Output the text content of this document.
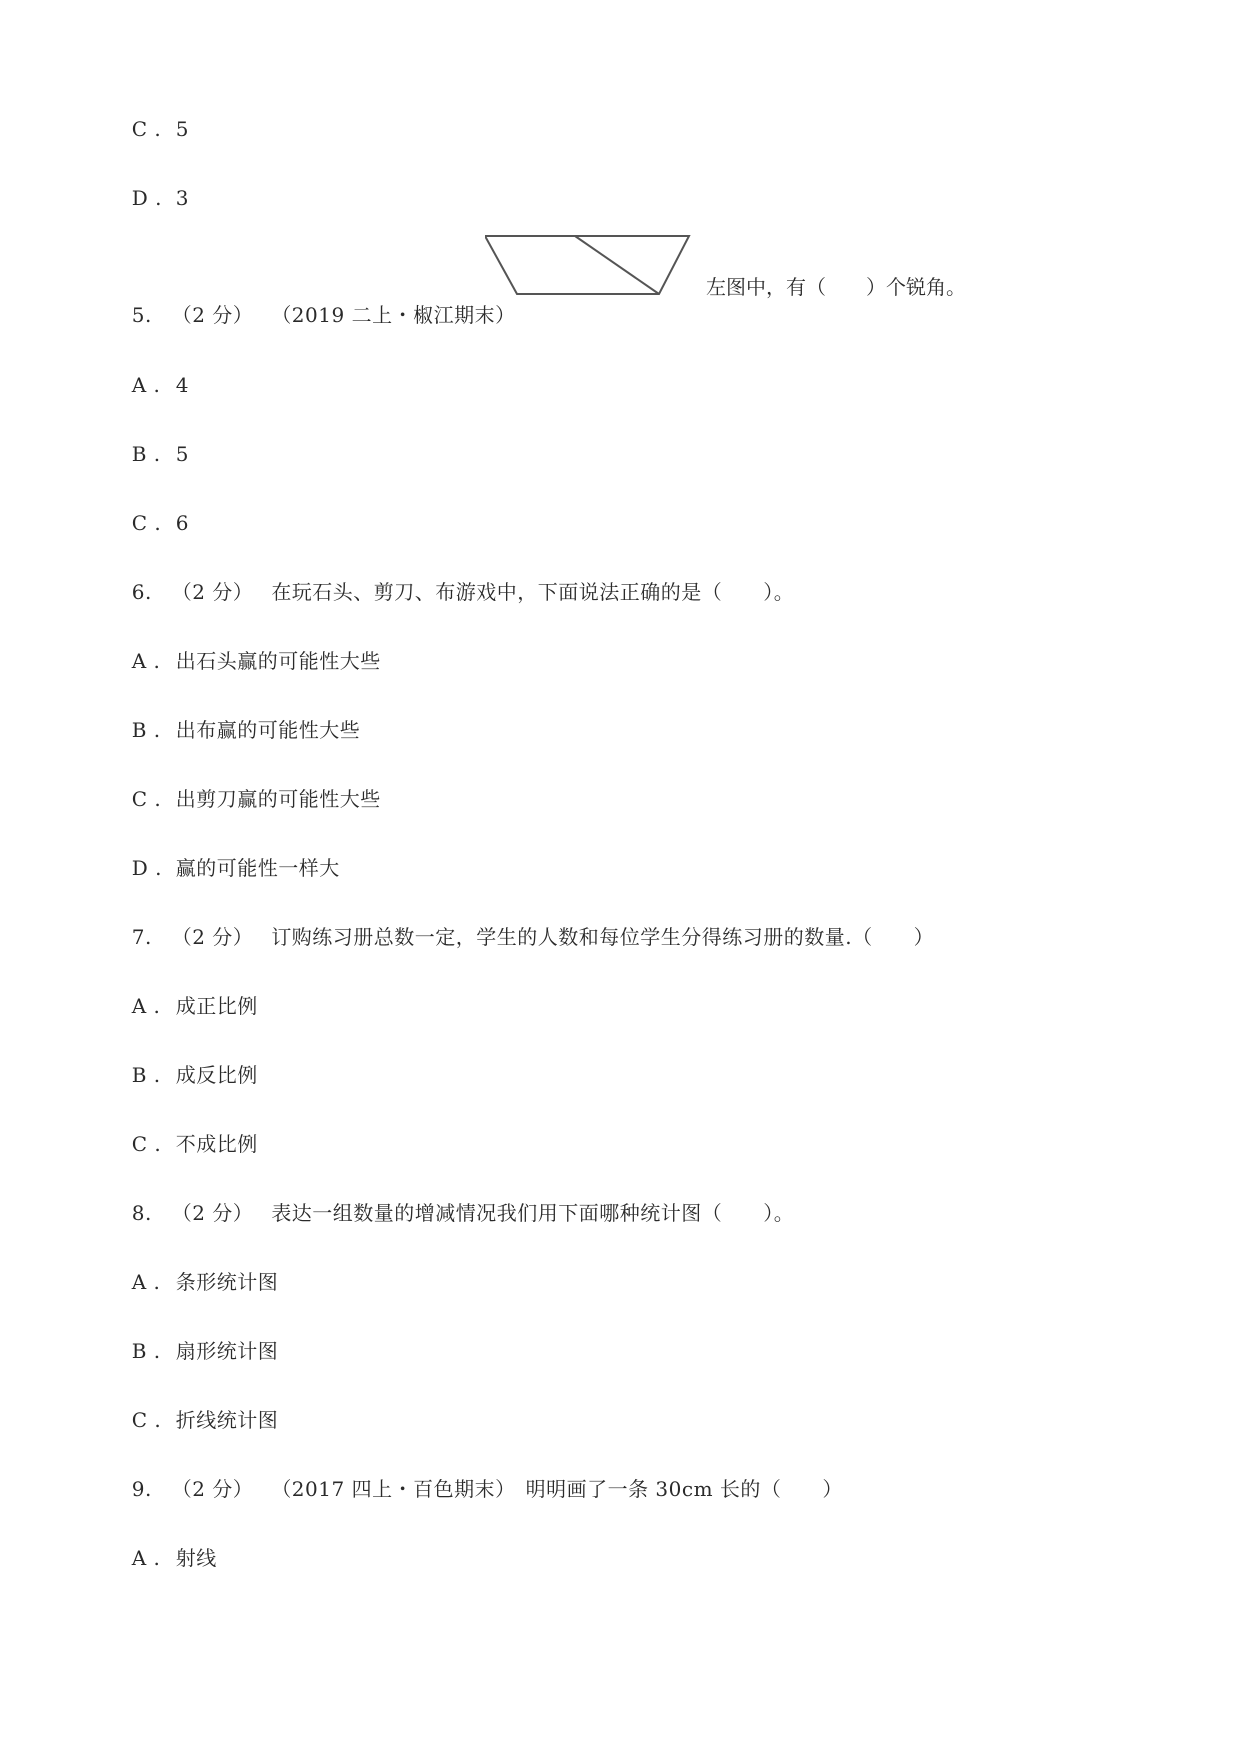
C . 5

D . 3

5. （2 分） （2019 二上・椒江期末）

左图中，有（　　）个锐角。

A . 4

B . 5

C . 6

6. （2 分） 在玩石头、剪刀、布游戏中，下面说法正确的是（　　）。

A . 出石头赢的可能性大些

B . 出布赢的可能性大些

C . 出剪刀赢的可能性大些

D . 赢的可能性一样大

7. （2 分） 订购练习册总数一定，学生的人数和每位学生分得练习册的数量.（　　）

A . 成正比例

B . 成反比例

C . 不成比例

8. （2 分） 表达一组数量的增减情况我们用下面哪种统计图（　　）。

A . 条形统计图

B . 扇形统计图

C . 折线统计图

9. （2 分） （2017 四上・百色期末） 明明画了一条 30cm 长的（　　）

A . 射线
